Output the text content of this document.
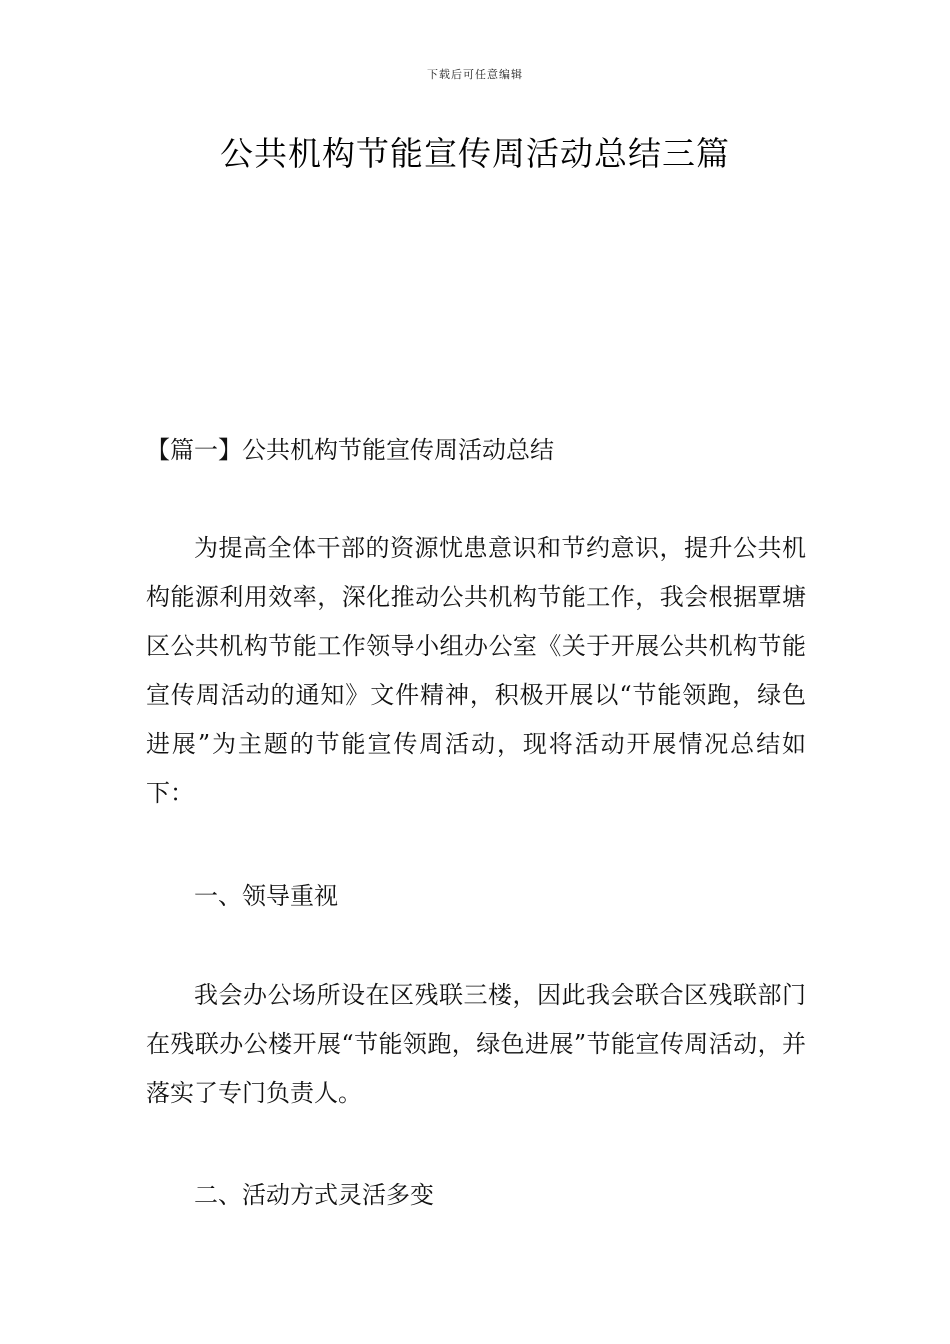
下载后可任意编辑
公共机构节能宣传周活动总结三篇
【篇一】公共机构节能宣传周活动总结

为提高全体干部的资源忧患意识和节约意识，提升公共机构能源利用效率，深化推动公共机构节能工作，我会根据覃塘区公共机构节能工作领导小组办公室《关于开展公共机构节能宣传周活动的通知》文件精神，积极开展以“节能领跑，绿色进展”为主题的节能宣传周活动，现将活动开展情况总结如下：

一、领导重视

我会办公场所设在区残联三楼，因此我会联合区残联部门在残联办公楼开展“节能领跑，绿色进展”节能宣传周活动，并落实了专门负责人。

二、活动方式灵活多变
